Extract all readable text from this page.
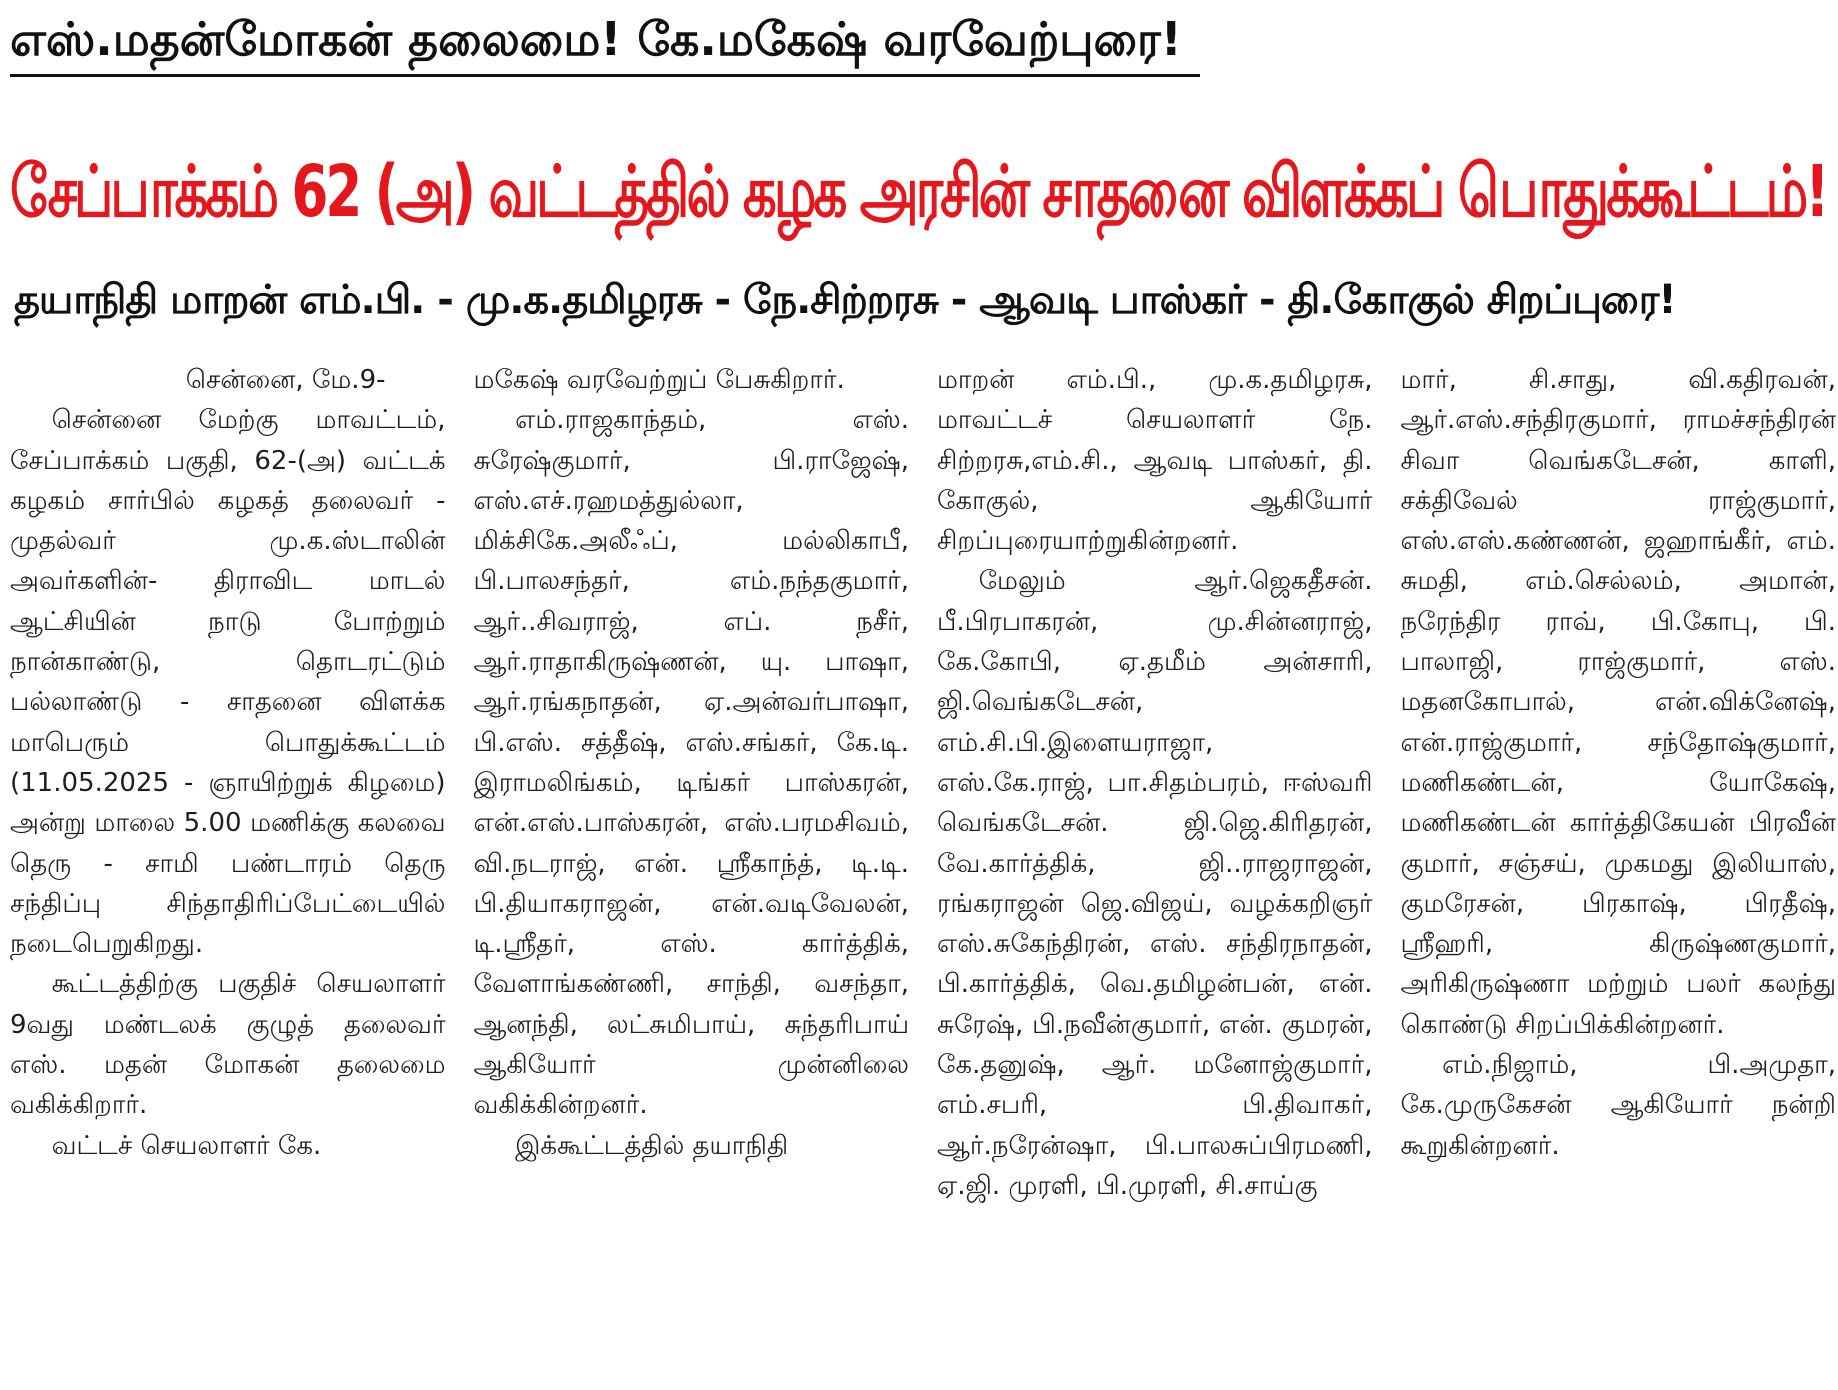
எஸ்.மதன்மோகன் தலைமை! கே.மகேஷ் வரவேற்புரை!
சேப்பாக்கம் 62 (அ) வட்டத்தில் கழக அரசின் சாதனை விளக்கப் பொதுக்கூட்டம்!
தயாநிதி மாறன் எம்.பி. - மு.க.தமிழரசு - நே.சிற்றரசு - ஆவடி பாஸ்கர் - தி.கோகுல் சிறப்புரை!

சென்னை, மே.9-

சென்னை மேற்கு மாவட்டம், சேப்பாக்கம் பகுதி, 62-(அ) வட்டக் கழகம் சார்பில் கழகத் தலைவர் - முதல்வர் மு.க.ஸ்டாலின் அவர்களின்- திராவிட மாடல் ஆட்சியின் நாடு போற்றும் நான்காண்டு, தொடரட்டும் பல்லாண்டு - சாதனை விளக்க மாபெரும் பொதுக்கூட்டம் (11.05.2025 - ஞாயிற்றுக் கிழமை) அன்று மாலை 5.00 மணிக்கு கலவை தெரு - சாமி பண்டாரம் தெரு சந்திப்பு சிந்தாதிரிப்பேட்டையில் நடைபெறுகிறது.

கூட்டத்திற்கு பகுதிச் செயலாளர் 9வது மண்டலக் குழுத் தலைவர் எஸ். மதன் மோகன் தலைமை வகிக்கிறார்.

வட்டச் செயலாளர் கே.

மகேஷ் வரவேற்றுப் பேசுகிறார்.

எம்.ராஜகாந்தம், எஸ். சுரேஷ்குமார், பி.ராஜேஷ், எஸ்.எச்.ரஹமத்துல்லா, மிக்சிகே.அலீஃப், மல்லிகாபீ, பி.பாலசந்தர், எம்.நந்தகுமார், ஆர்..சிவராஜ், எப். நசீர், ஆர்.ராதாகிருஷ்ணன், யு. பாஷா, ஆர்.ரங்கநாதன், ஏ.அன்வர்பாஷா, பி.எஸ். சத்தீஷ், எஸ்.சங்கர், கே.டி. இராமலிங்கம், டிங்கர் பாஸ்கரன், என்.எஸ்.பாஸ்கரன், எஸ்.பரமசிவம், வி.நடராஜ், என். ஸ்ரீகாந்த், டி.டி. பி.தியாகராஜன், என்.வடிவேலன், டி.ஸ்ரீதர், எஸ். கார்த்திக், வேளாங்கண்ணி, சாந்தி, வசந்தா, ஆனந்தி, லட்சுமிபாய், சுந்தரிபாய் ஆகியோர் முன்னிலை வகிக்கின்றனர்.

இக்கூட்டத்தில் தயாநிதி

மாறன் எம்.பி., மு.க.தமிழரசு, மாவட்டச் செயலாளர் நே. சிற்றரசு,எம்.சி., ஆவடி பாஸ்கர், தி. கோகுல், ஆகியோர் சிறப்புரையாற்றுகின்றனர்.

மேலும் ஆர்.ஜெகதீசன். பீ.பிரபாகரன், மு.சின்னராஜ், கே.கோபி, ஏ.தமீம் அன்சாரி, ஜி.வெங்கடேசன், எம்.சி.பி.இளையராஜா, எஸ்.கே.ராஜ், பா.சிதம்பரம், ஈஸ்வரி வெங்கடேசன். ஜி.ஜெ.கிரிதரன், வே.கார்த்திக், ஜி..ராஜராஜன், ரங்கராஜன் ஜெ.விஜய், வழக்கறிஞர் எஸ்.சுகேந்திரன், எஸ். சந்திரநாதன், பி.கார்த்திக், வெ.தமிழன்பன், என். சுரேஷ், பி.நவீன்குமார், என். குமரன், கே.தனுஷ், ஆர். மனோஜ்குமார், எம்.சபரி, பி.திவாகர், ஆர்.நரேன்ஷா, பி.பாலசுப்பிரமணி, ஏ.ஜி. முரளி, பி.முரளி, சி.சாய்கு

மார், சி.சாது, வி.கதிரவன், ஆர்.எஸ்.சந்திரகுமார், ராமச்சந்திரன் சிவா வெங்கடேசன், காளி, சக்திவேல் ராஜ்குமார், எஸ்.எஸ்.கண்ணன், ஜஹாங்கீர், எம். சுமதி, எம்.செல்லம், அமான், நரேந்திர ராவ், பி.கோபு, பி. பாலாஜி, ராஜ்குமார், எஸ். மதனகோபால், என்.விக்னேஷ், என்.ராஜ்குமார், சந்தோஷ்குமார், மணிகண்டன், யோகேஷ், மணிகண்டன் கார்த்திகேயன் பிரவீன் குமார், சஞ்சய், முகமது இலியாஸ், குமரேசன், பிரகாஷ், பிரதீஷ், ஸ்ரீஹரி, கிருஷ்ணகுமார், அரிகிருஷ்ணா மற்றும் பலர் கலந்து கொண்டு சிறப்பிக்கின்றனர்.

எம்.நிஜாம், பி.அமுதா, கே.முருகேசன் ஆகியோர் நன்றி கூறுகின்றனர்.
